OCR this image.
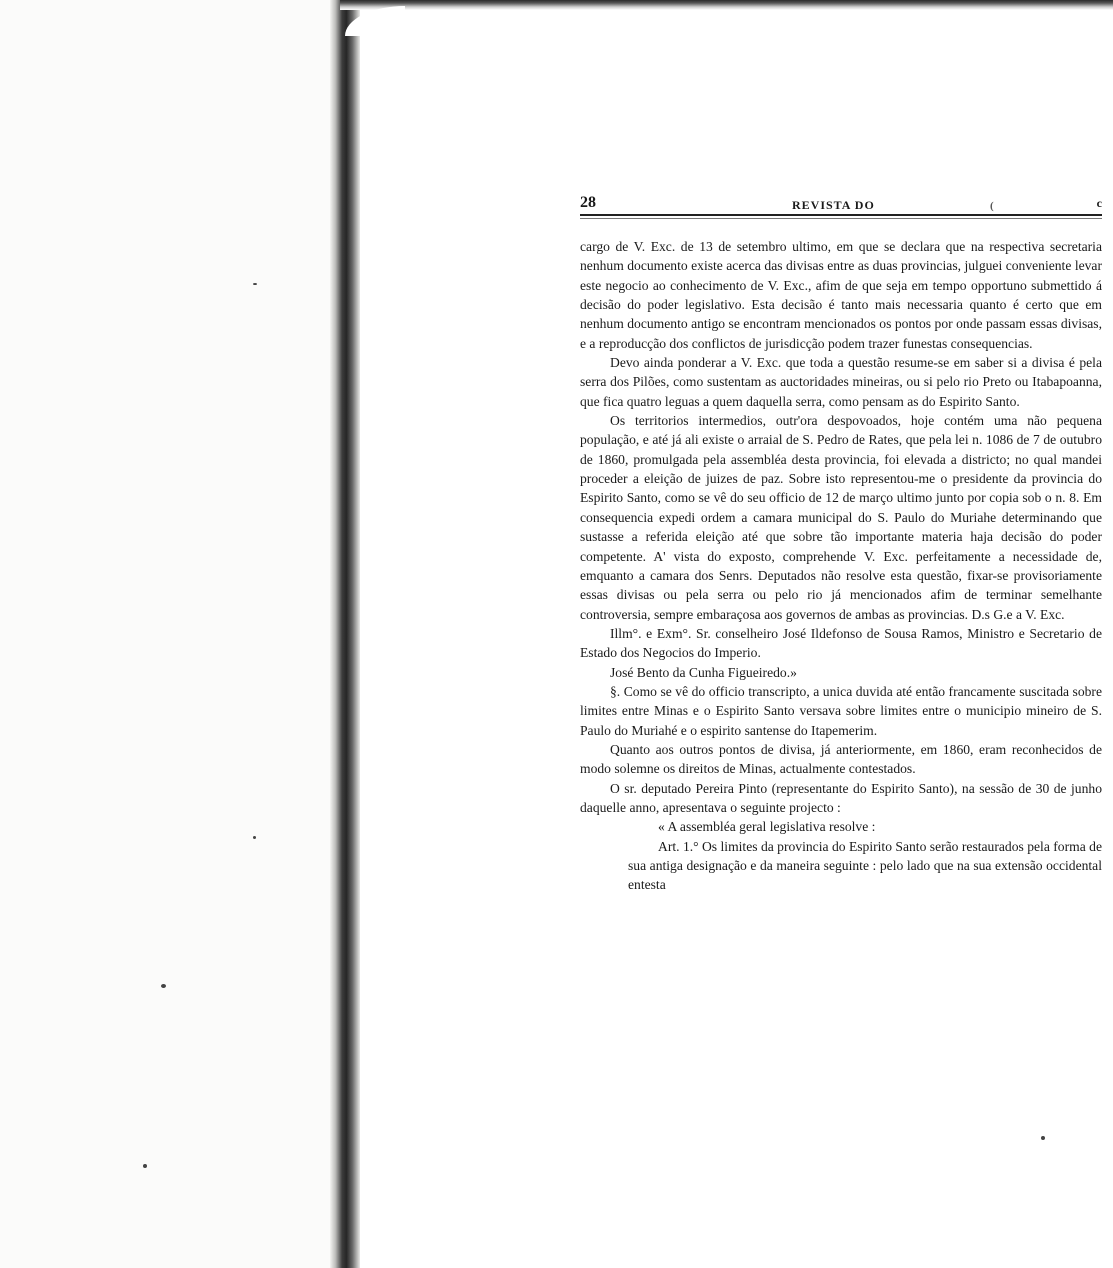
28	REVISTA DO	(	c

cargo de V. Exc. de 13 de setembro ultimo, em que se declara que na respectiva secretaria nenhum documento existe acerca das divisas entre as duas provincias, julguei conveniente levar este negocio ao conhecimento de V. Exc., afim de que seja em tempo opportuno submettido á decisão do poder legislativo. Esta decisão é tanto mais necessaria quanto é certo que em nenhum documento antigo se encontram mencionados os pontos por onde passam essas divisas, e a reproducção dos conflictos de jurisdicção podem trazer funestas consequencias.

Devo ainda ponderar a V. Exc. que toda a questão resume-se em saber si a divisa é pela serra dos Pilões, como sustentam as auctoridades mineiras, ou si pelo rio Preto ou Itabapoanna, que fica quatro leguas a quem daquella serra, como pensam as do Espirito Santo.

Os territorios intermedios, outr'ora despovoados, hoje contém uma não pequena população, e até já ali existe o arraial de S. Pedro de Rates, que pela lei n. 1086 de 7 de outubro de 1860, promulgada pela assembléa desta provincia, foi elevada a districto; no qual mandei proceder a eleição de juizes de paz. Sobre isto representou-me o presidente da provincia do Espirito Santo, como se vê do seu officio de 12 de março ultimo junto por copia sob o n. 8. Em consequencia expedi ordem a camara municipal do S. Paulo do Muriahe determinando que sustasse a referida eleição até que sobre tão importante materia haja decisão do poder competente. A' vista do exposto, comprehende V. Exc. perfeitamente a necessidade de, emquanto a camara dos Senrs. Deputados não resolve esta questão, fixar-se provisoriamente essas divisas ou pela serra ou pelo rio já mencionados afim de terminar semelhante controversia, sempre embaraçosa aos governos de ambas as provincias. D.s G.e a V. Exc.

Illm°. e Exm°. Sr. conselheiro José Ildefonso de Sousa Ramos, Ministro e Secretario de Estado dos Negocios do Imperio.

José Bento da Cunha Figueiredo.»

§. Como se vê do officio transcripto, a unica duvida até então francamente suscitada sobre limites entre Minas e o Espirito Santo versava sobre limites entre o municipio mineiro de S. Paulo do Muriahé e o espirito santense do Itapemerim.

Quanto aos outros pontos de divisa, já anteriormente, em 1860, eram reconhecidos de modo solemne os direitos de Minas, actualmente contestados.

O sr. deputado Pereira Pinto (representante do Espirito Santo), na sessão de 30 de junho daquelle anno, apresentava o seguinte projecto :

« A assembléa geral legislativa resolve :

Art. 1.° Os limites da provincia do Espirito Santo serão restaurados pela forma de sua antiga designação e da maneira seguinte : pelo lado que na sua extensão occidental entesta
